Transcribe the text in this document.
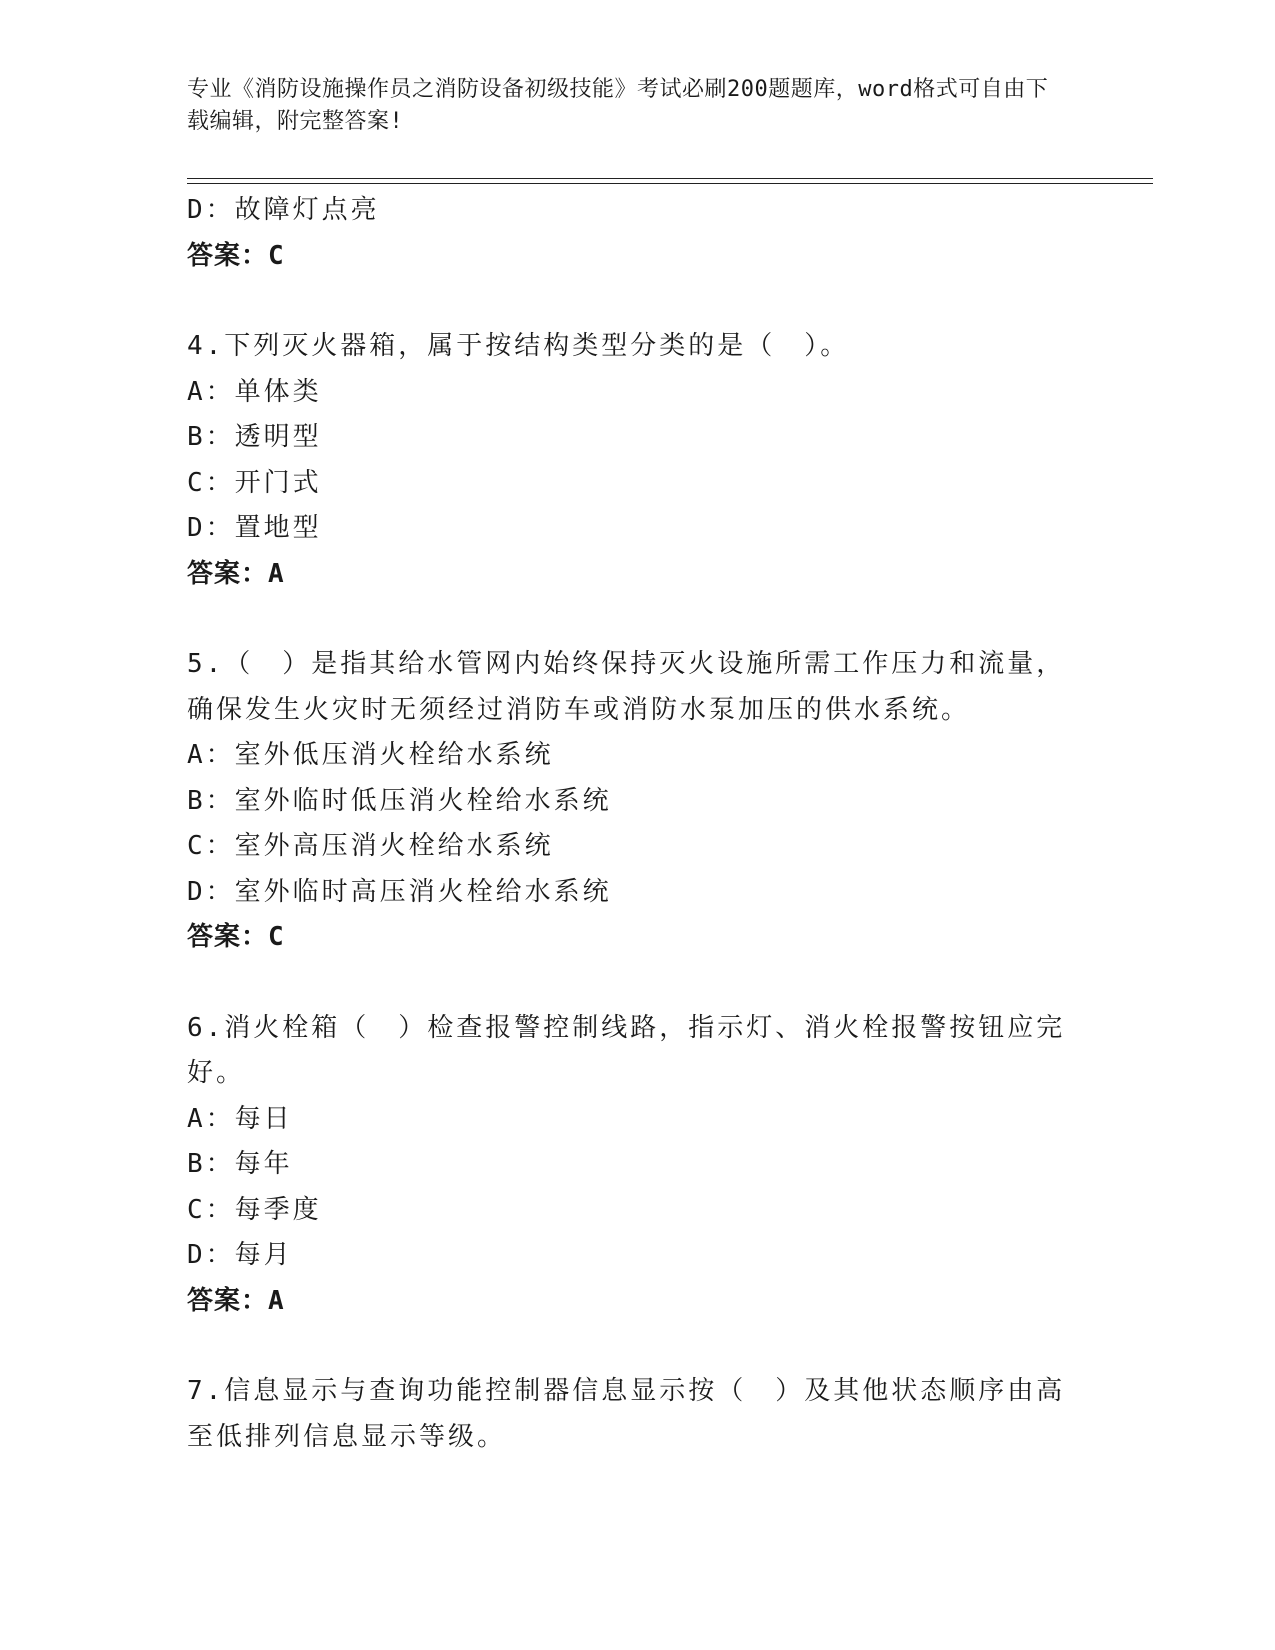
专业《消防设施操作员之消防设备初级技能》考试必刷200题题库，word格式可自由下载编辑，附完整答案!
D：故障灯点亮
答案：C
4.下列灭火器箱，属于按结构类型分类的是（　）。
A：单体类
B：透明型
C：开门式
D：置地型
答案：A
5.（　）是指其给水管网内始终保持灭火设施所需工作压力和流量，确保发生火灾时无须经过消防车或消防水泵加压的供水系统。
A：室外低压消火栓给水系统
B：室外临时低压消火栓给水系统
C：室外高压消火栓给水系统
D：室外临时高压消火栓给水系统
答案：C
6.消火栓箱（　）检查报警控制线路，指示灯、消火栓报警按钮应完好。
A：每日
B：每年
C：每季度
D：每月
答案：A
7.信息显示与查询功能控制器信息显示按（　）及其他状态顺序由高至低排列信息显示等级。
